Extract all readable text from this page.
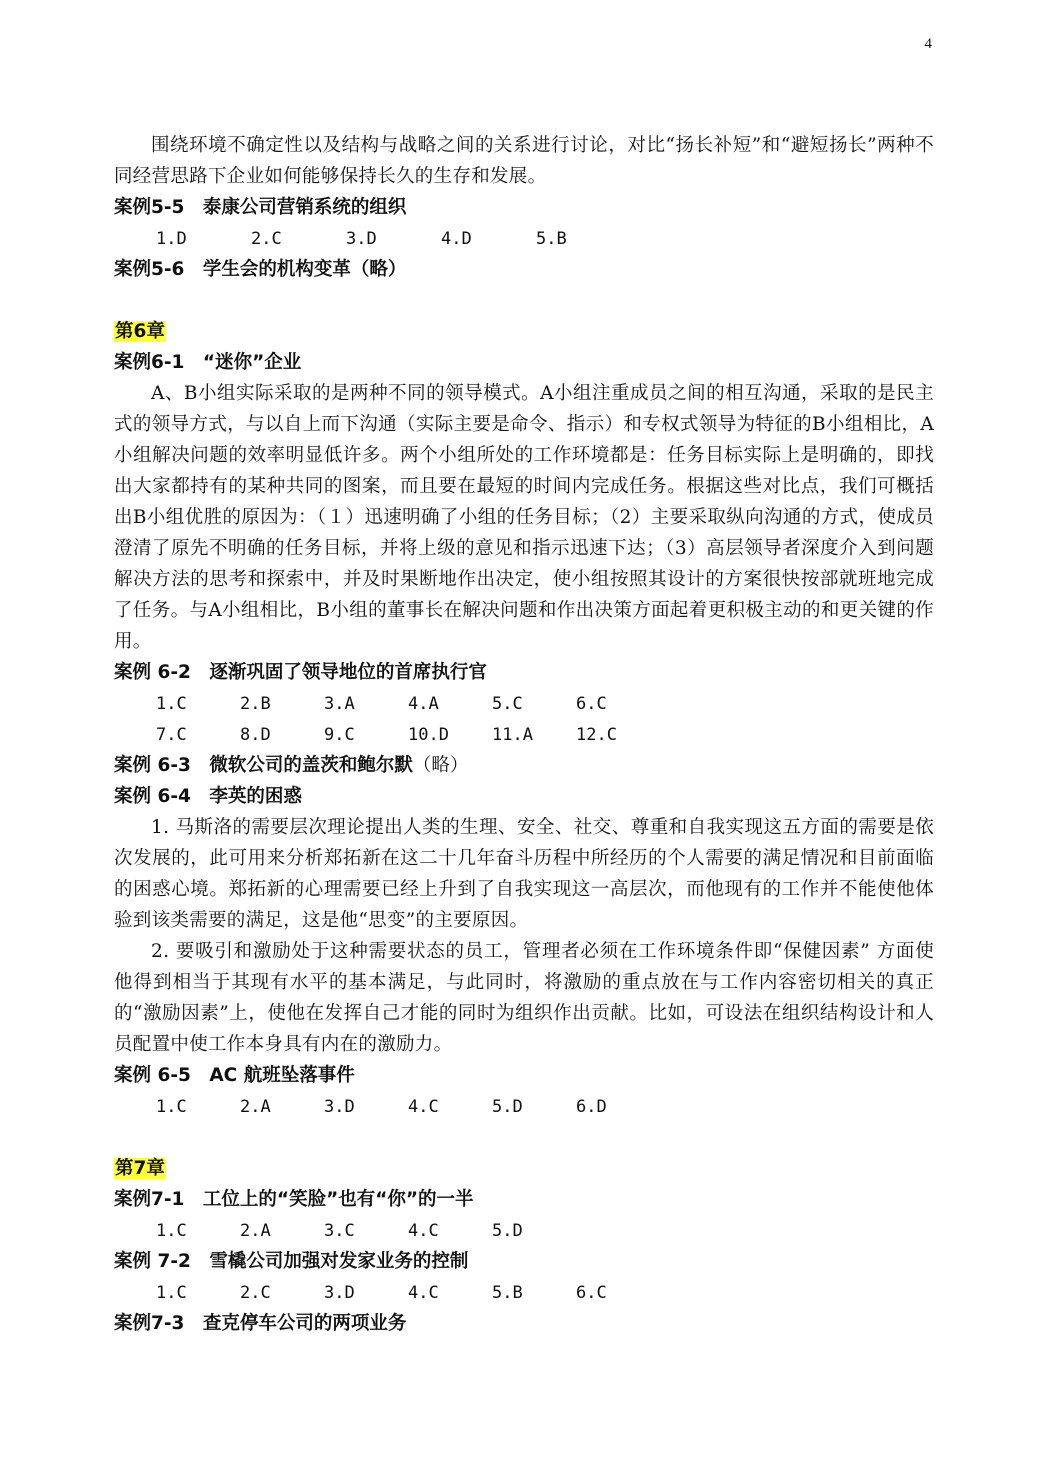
4

围绕环境不确定性以及结构与战略之间的关系进行讨论，对比“扬长补短”和“避短扬长”两种不同经营思路下企业如何能够保持长久的生存和发展。

案例5-5　泰康公司营销系统的组织

1.D	2.C	3.D	4.D	5.B

案例5-6　学生会的机构变革（略）

第6章

案例6-1　“迷你”企业

A、B小组实际采取的是两种不同的领导模式。A小组注重成员之间的相互沟通，采取的是民主式的领导方式，与以自上而下沟通（实际主要是命令、指示）和专权式领导为特征的B小组相比，A小组解决问题的效率明显低许多。两个小组所处的工作环境都是：任务目标实际上是明确的，即找出大家都持有的某种共同的图案，而且要在最短的时间内完成任务。根据这些对比点，我们可概括出B小组优胜的原因为：（１）迅速明确了小组的任务目标；（2）主要采取纵向沟通的方式，使成员澄清了原先不明确的任务目标，并将上级的意见和指示迅速下达；（3）高层领导者深度介入到问题解决方法的思考和探索中，并及时果断地作出决定，使小组按照其设计的方案很快按部就班地完成了任务。与A小组相比，B小组的董事长在解决问题和作出决策方面起着更积极主动的和更关键的作用。

案例 6-2　逐渐巩固了领导地位的首席执行官

1.C	2.B	3.A	4.A	5.C	6.C
7.C	8.D	9.C	10.D	11.A	12.C

案例 6-3　微软公司的盖茨和鲍尔默（略）

案例 6-4　李英的困惑

1. 马斯洛的需要层次理论提出人类的生理、安全、社交、尊重和自我实现这五方面的需要是依次发展的，此可用来分析郑拓新在这二十几年奋斗历程中所经历的个人需要的满足情况和目前面临的困惑心境。郑拓新的心理需要已经上升到了自我实现这一高层次，而他现有的工作并不能使他体验到该类需要的满足，这是他“思变”的主要原因。

2. 要吸引和激励处于这种需要状态的员工，管理者必须在工作环境条件即“保健因素” 方面使他得到相当于其现有水平的基本满足，与此同时，将激励的重点放在与工作内容密切相关的真正的“激励因素”上，使他在发挥自己才能的同时为组织作出贡献。比如，可设法在组织结构设计和人员配置中使工作本身具有内在的激励力。

案例 6-5　AC 航班坠落事件

1.C	2.A	3.D	4.C	5.D	6.D

第7章

案例7-1　工位上的“笑脸”也有“你”的一半

1.C	2.A	3.C	4.C	5.D

案例 7-2　雪橇公司加强对发家业务的控制

1.C	2.C	3.D	4.C	5.B	6.C

案例7-3　查克停车公司的两项业务
